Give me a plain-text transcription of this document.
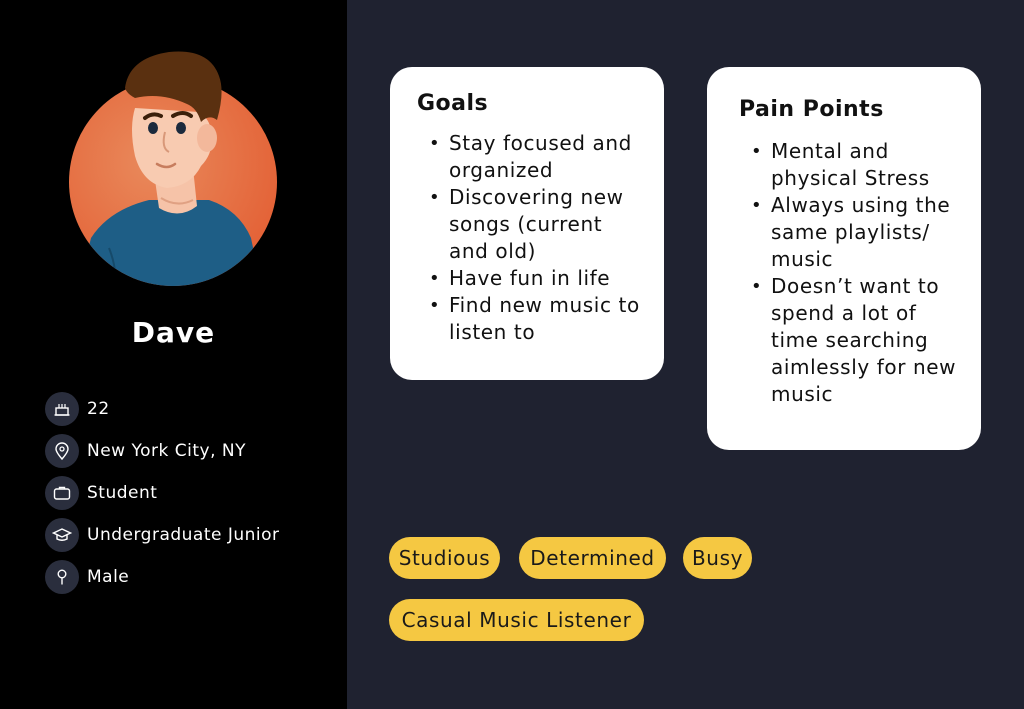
Dave
22
New York City, NY
Student
Undergraduate Junior
Male
Goals
• Stay focused and organized
• Discovering new songs (current and old)
• Have fun in life
• Find new music to listen to
Pain Points
• Mental and physical Stress
• Always using the same playlists/ music
• Doesn’t want to spend a lot of time searching aimlessly for new music
Studious	Determined	Busy
Casual Music Listener
